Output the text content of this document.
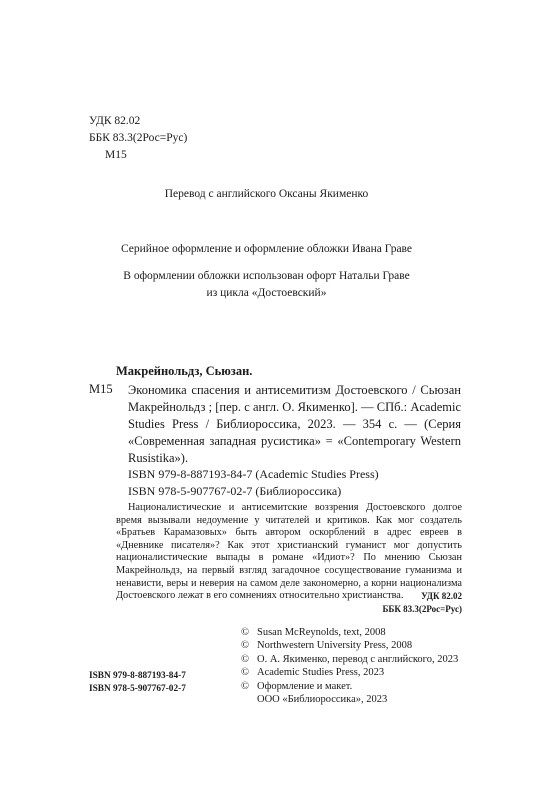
УДК 82.02
ББК 83.3(2Рос=Рус)
М15
Перевод с английского Оксаны Якименко
Серийное оформление и оформление обложки Ивана Граве
В оформлении обложки использован офорт Натальи Граве
из цикла «Достоевский»
Макрейнольдз, Сьюзан.
М15 Экономика спасения и антисемитизм Достоевского / Сьюзан Макрейнольдз ; [пер. с англ. О. Якименко]. — СПб.: Academic Studies Press / Библиороссика, 2023. — 354 с. — (Серия «Современная западная русистика» = «Contemporary Western Rusistika»).
ISBN 979-8-887193-84-7 (Academic Studies Press)
ISBN 978-5-907767-02-7 (Библиороссика)
Националистические и антисемитские воззрения Достоевского долгое время вызывали недоумение у читателей и критиков. Как мог создатель «Братьев Карамазовых» быть автором оскорблений в адрес евреев в «Дневнике писателя»? Как этот христианский гуманист мог допустить националистические выпады в романе «Идиот»? По мнению Сьюзан Макрейнольдз, на первый взгляд загадочное сосуществование гуманизма и ненависти, веры и неверия на самом деле закономерно, а корни национализма Достоевского лежат в его сомнениях относительно христианства.	УДК 82.02
ББК 83.3(2Рос=Рус)
© Susan McReynolds, text, 2008
© Northwestern University Press, 2008
© О. А. Якименко, перевод с английского, 2023
© Academic Studies Press, 2023
© Оформление и макет.
ООО «Библиороссика», 2023
ISBN 979-8-887193-84-7
ISBN 978-5-907767-02-7
